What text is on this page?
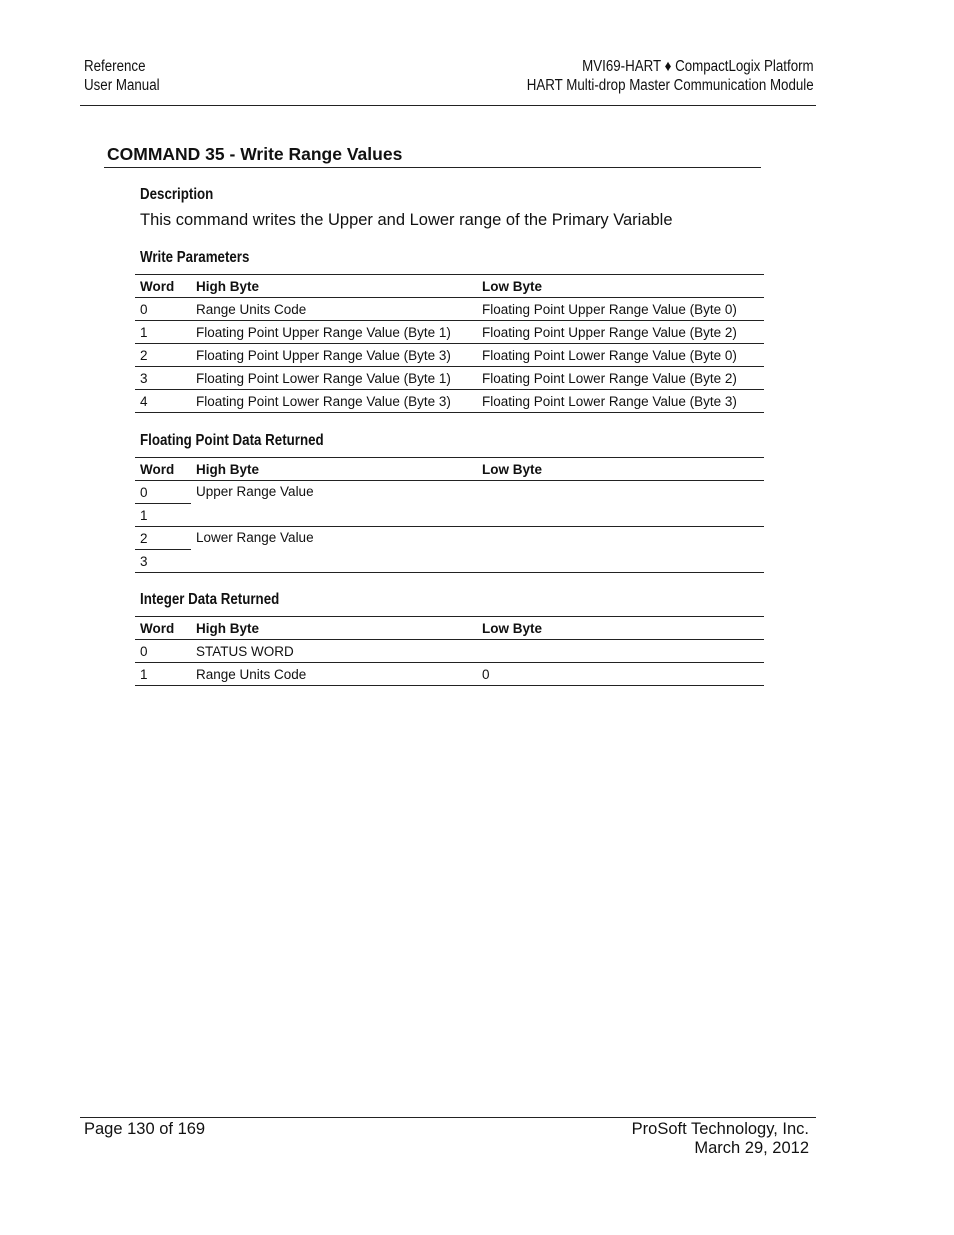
Reference
User Manual
MVI69-HART ♦ CompactLogix Platform
HART Multi-drop Master Communication Module
COMMAND 35 - Write Range Values
Description
This command writes the Upper and Lower range of the Primary Variable
Write Parameters
Word	High Byte	Low Byte
0	Range Units Code	Floating Point Upper Range Value (Byte 0)
1	Floating Point Upper Range Value (Byte 1)	Floating Point Upper Range Value (Byte 2)
2	Floating Point Upper Range Value (Byte 3)	Floating Point Lower Range Value (Byte 0)
3	Floating Point Lower Range Value (Byte 1)	Floating Point Lower Range Value (Byte 2)
4	Floating Point Lower Range Value (Byte 3)	Floating Point Lower Range Value (Byte 3)
Floating Point Data Returned
Word	High Byte	Low Byte
0	Upper Range Value	
1		
2	Lower Range Value	
3		
Integer Data Returned
Word	High Byte	Low Byte
0	STATUS WORD	
1	Range Units Code	0
Page 130 of 169	ProSoft Technology, Inc.
March 29, 2012
